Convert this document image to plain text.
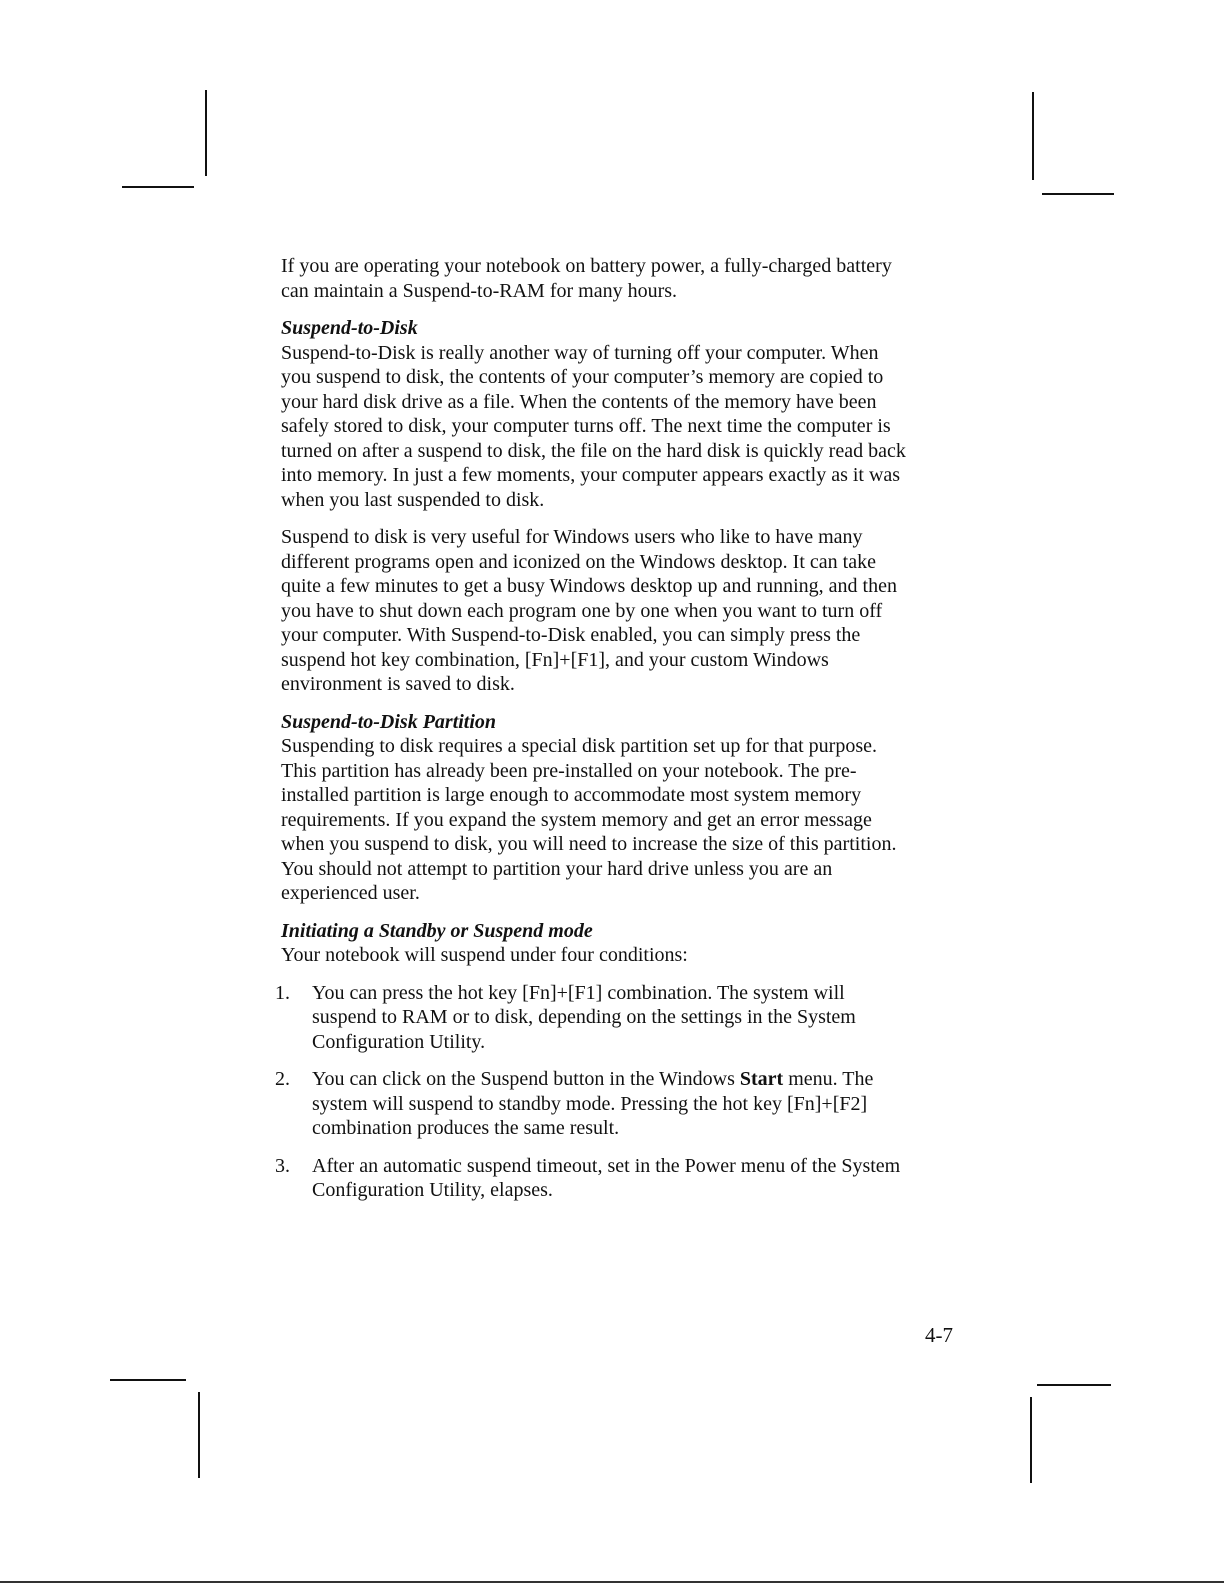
If you are operating your notebook on battery power, a fully-charged battery
can maintain a Suspend-to-RAM for many hours.
Suspend-to-Disk
Suspend-to-Disk is really another way of turning off your computer. When
you suspend to disk, the contents of your computer’s memory are copied to
your hard disk drive as a file. When the contents of the memory have been
safely stored to disk, your computer turns off. The next time the computer is
turned on after a suspend to disk, the file on the hard disk is quickly read back
into memory. In just a few moments, your computer appears exactly as it was
when you last suspended to disk.
Suspend to disk is very useful for Windows users who like to have many
different programs open and iconized on the Windows desktop. It can take
quite a few minutes to get a busy Windows desktop up and running, and then
you have to shut down each program one by one when you want to turn off
your computer. With Suspend-to-Disk enabled, you can simply press the
suspend hot key combination, [Fn]+[F1], and your custom Windows
environment is saved to disk.
Suspend-to-Disk Partition
Suspending to disk requires a special disk partition set up for that purpose.
This partition has already been pre-installed on your notebook. The pre-
installed partition is large enough to accommodate most system memory
requirements. If you expand the system memory and get an error message
when you suspend to disk, you will need to increase the size of this partition.
You should not attempt to partition your hard drive unless you are an
experienced user.
Initiating a Standby or Suspend mode
Your notebook will suspend under four conditions:
1. You can press the hot key [Fn]+[F1] combination. The system will
suspend to RAM or to disk, depending on the settings in the System
Configuration Utility.
2. You can click on the Suspend button in the Windows Start menu. The
system will suspend to standby mode. Pressing the hot key [Fn]+[F2]
combination produces the same result.
3. After an automatic suspend timeout, set in the Power menu of the System
Configuration Utility, elapses.
4-7
